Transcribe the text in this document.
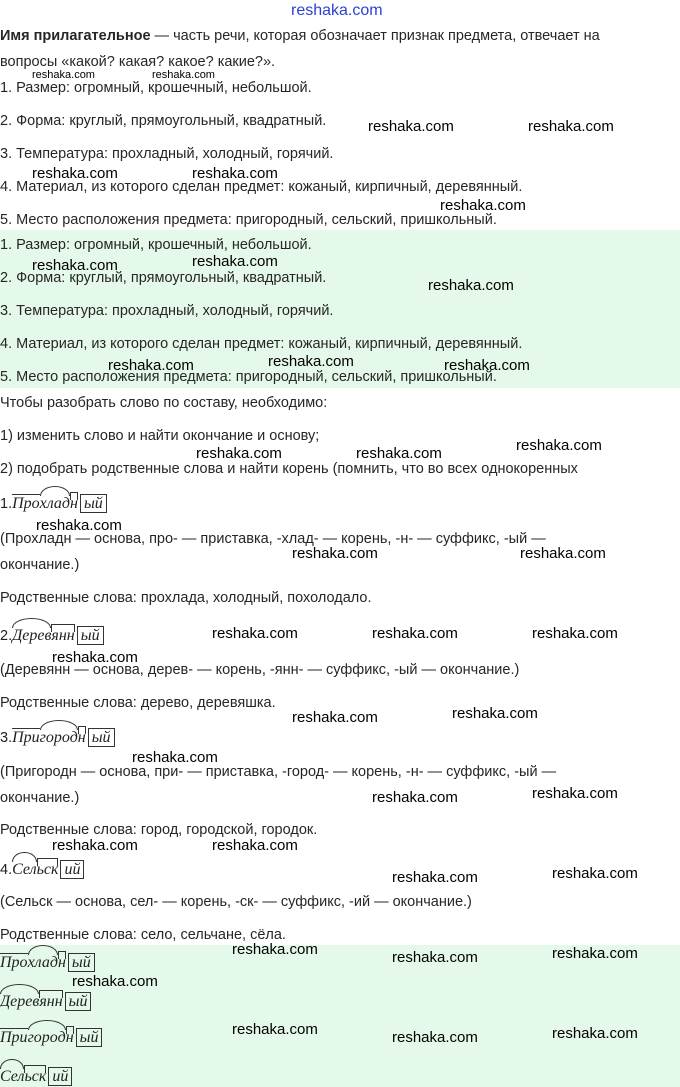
reshaka.com
Имя прилагательное — часть речи, которая обозначает признак предмета, отвечает на
вопросы «какой? какая? какое? какие?».
1. Размер: огромный, крошечный, небольшой.
2. Форма: круглый, прямоугольный, квадратный.
3. Температура: прохладный, холодный, горячий.
4. Материал, из которого сделан предмет: кожаный, кирпичный, деревянный.
5. Место расположения предмета: пригородный, сельский, пришкольный.
1. Размер: огромный, крошечный, небольшой.
2. Форма: круглый, прямоугольный, квадратный.
3. Температура: прохладный, холодный, горячий.
4. Материал, из которого сделан предмет: кожаный, кирпичный, деревянный.
5. Место расположения предмета: пригородный, сельский, пришкольный.
Чтобы разобрать слово по составу, необходимо:
1) изменить слово и найти окончание и основу;
2) подобрать родственные слова и найти корень (помнить, что во всех однокоренных
1.Прохладн ый
(Прохладн — основа, про- — приставка, -хлад- — корень, -н- — суффикс, -ый —
окончание.)
Родственные слова: прохлада, холодный, похолодало.
2.Деревянн ый
(Деревянн — основа, дерев- — корень, -янн- — суффикс, -ый — окончание.)
Родственные слова: дерево, деревяшка.
3.Пригородн ый
(Пригородн — основа, при- — приставка, -город- — корень, -н- — суффикс, -ый —
окончание.)
Родственные слова: город, городской, городок.
4.Сельск ий
(Сельск — основа, сел- — корень, -ск- — суффикс, -ий — окончание.)
Родственные слова: село, сельчане, сёла.
Прохладн ый
Деревянн ый
Пригородн ый
Сельск ий
reshaka.com	reshaka.com
reshaka.com	reshaka.com
reshaka.com	reshaka.com
reshaka.com
reshaka.com	reshaka.com
reshaka.com
reshaka.com	reshaka.com	reshaka.com
reshaka.com
reshaka.com	reshaka.com
reshaka.com
reshaka.com	reshaka.com
reshaka.com	reshaka.com	reshaka.com
reshaka.com
reshaka.com
reshaka.com
reshaka.com
reshaka.com
reshaka.com
reshaka.com	reshaka.com
reshaka.com
reshaka.com
reshaka.com	reshaka.com
reshaka.com
reshaka.com
reshaka.com	reshaka.com
reshaka.com
